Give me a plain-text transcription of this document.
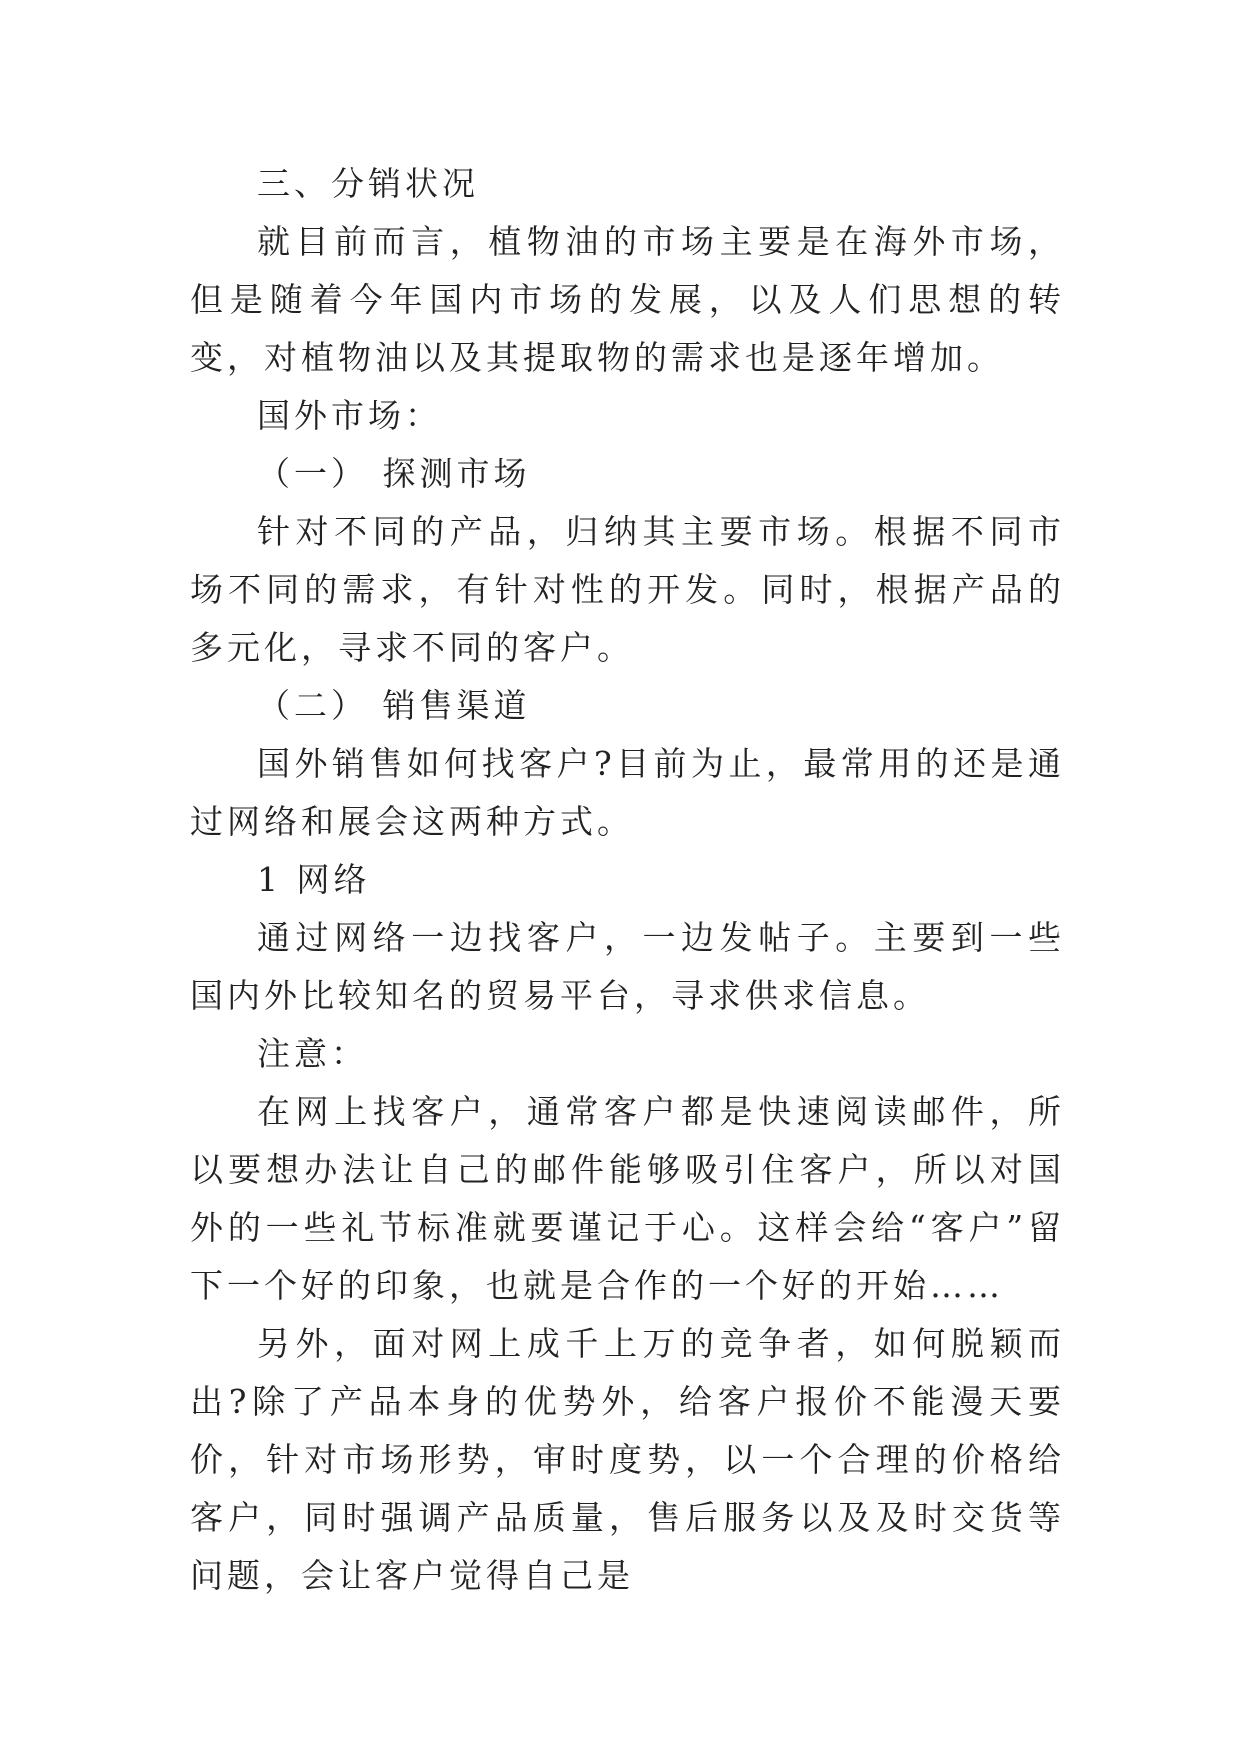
三、分销状况

就目前而言，植物油的市场主要是在海外市场，但是随着今年国内市场的发展，以及人们思想的转变，对植物油以及其提取物的需求也是逐年增加。

国外市场：

（一） 探测市场

针对不同的产品，归纳其主要市场。根据不同市场不同的需求，有针对性的开发。同时，根据产品的多元化，寻求不同的客户。

（二） 销售渠道

国外销售如何找客户?目前为止，最常用的还是通过网络和展会这两种方式。

1 网络

通过网络一边找客户，一边发帖子。主要到一些国内外比较知名的贸易平台，寻求供求信息。

注意：

在网上找客户，通常客户都是快速阅读邮件，所以要想办法让自己的邮件能够吸引住客户，所以对国外的一些礼节标准就要谨记于心。这样会给“客户”留下一个好的印象，也就是合作的一个好的开始……

另外，面对网上成千上万的竞争者，如何脱颖而出?除了产品本身的优势外，给客户报价不能漫天要价，针对市场形势，审时度势，以一个合理的价格给客户，同时强调产品质量，售后服务以及及时交货等问题，会让客户觉得自己是
